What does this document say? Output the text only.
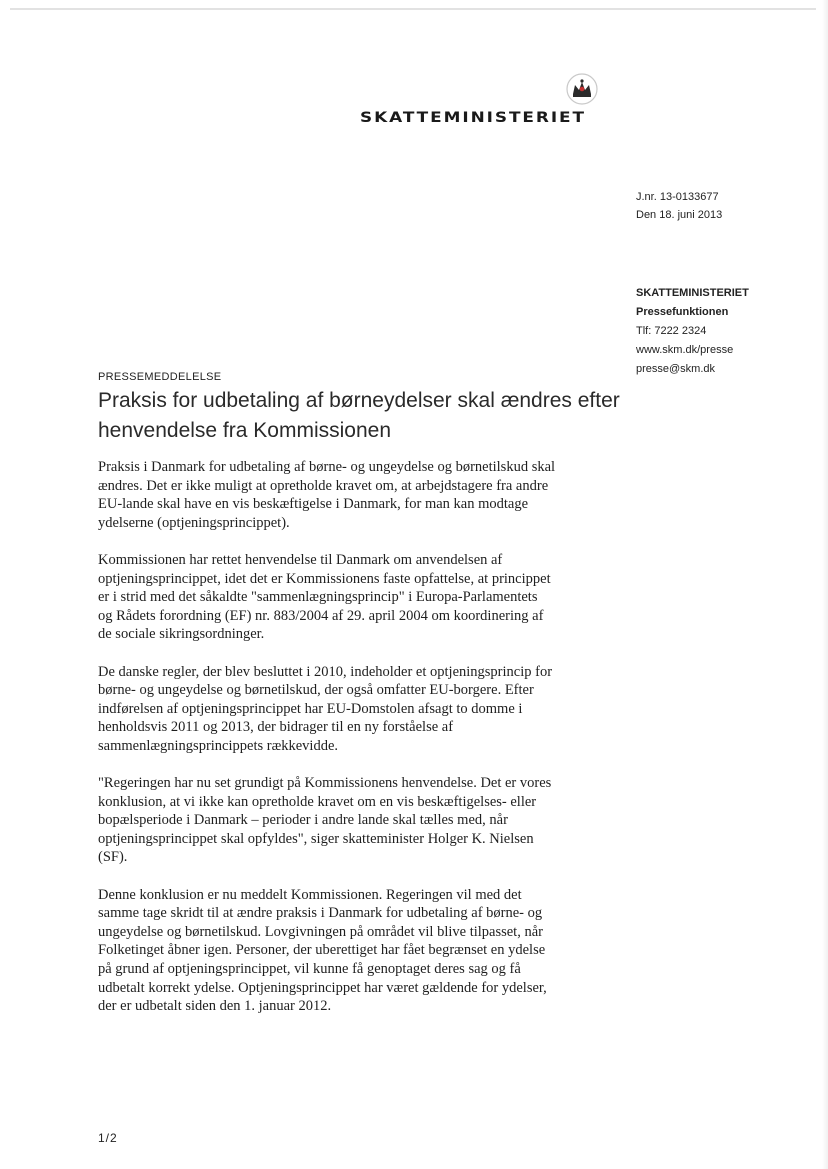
SKATTEMINISTERIET
J.nr. 13-0133677
Den 18. juni 2013
SKATTEMINISTERIET
Pressefunktionen
Tlf: 7222 2324
www.skm.dk/presse
presse@skm.dk
PRESSEMEDDELELSE
Praksis for udbetaling af børneydelser skal ændres efter
henvendelse fra Kommissionen

Praksis i Danmark for udbetaling af børne- og ungeydelse og børnetilskud skal
ændres. Det er ikke muligt at opretholde kravet om, at arbejdstagere fra andre
EU-lande skal have en vis beskæftigelse i Danmark, for man kan modtage
ydelserne (optjeningsprincippet).

Kommissionen har rettet henvendelse til Danmark om anvendelsen af
optjeningsprincippet, idet det er Kommissionens faste opfattelse, at princippet
er i strid med det såkaldte "sammenlægningsprincip" i Europa-Parlamentets
og Rådets forordning (EF) nr. 883/2004 af 29. april 2004 om koordinering af
de sociale sikringsordninger.

De danske regler, der blev besluttet i 2010, indeholder et optjeningsprincip for
børne- og ungeydelse og børnetilskud, der også omfatter EU-borgere. Efter
indførelsen af optjeningsprincippet har EU-Domstolen afsagt to domme i
henholdsvis 2011 og 2013, der bidrager til en ny forståelse af
sammenlægningsprincippets rækkevidde.

"Regeringen har nu set grundigt på Kommissionens henvendelse. Det er vores
konklusion, at vi ikke kan opretholde kravet om en vis beskæftigelses- eller
bopælsperiode i Danmark – perioder i andre lande skal tælles med, når
optjeningsprincippet skal opfyldes", siger skatteminister Holger K. Nielsen
(SF).

Denne konklusion er nu meddelt Kommissionen. Regeringen vil med det
samme tage skridt til at ændre praksis i Danmark for udbetaling af børne- og
ungeydelse og børnetilskud. Lovgivningen på området vil blive tilpasset, når
Folketinget åbner igen. Personer, der uberettiget har fået begrænset en ydelse
på grund af optjeningsprincippet, vil kunne få genoptaget deres sag og få
udbetalt korrekt ydelse. Optjeningsprincippet har været gældende for ydelser,
der er udbetalt siden den 1. januar 2012.

1/2
